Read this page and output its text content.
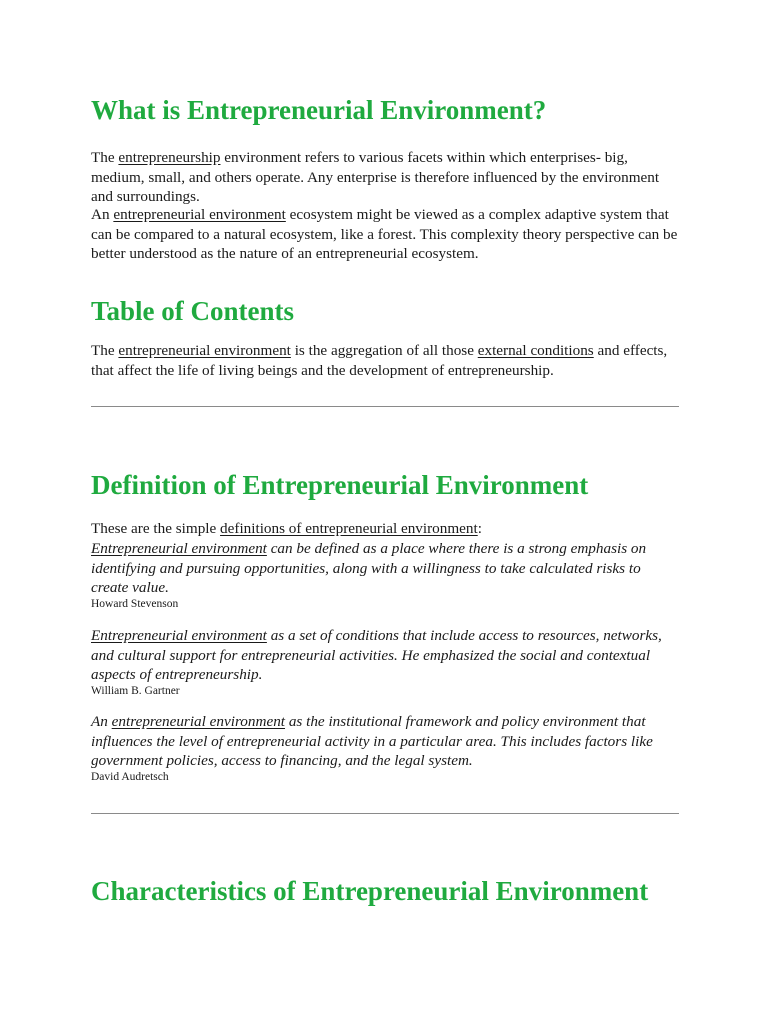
What is Entrepreneurial Environment?

The entrepreneurship environment refers to various facets within which enterprises- big, medium, small, and others operate. Any enterprise is therefore influenced by the environment and surroundings.

An entrepreneurial environment ecosystem might be viewed as a complex adaptive system that can be compared to a natural ecosystem, like a forest. This complexity theory perspective can be better understood as the nature of an entrepreneurial ecosystem.

Table of Contents

The entrepreneurial environment is the aggregation of all those external conditions and effects, that affect the life of living beings and the development of entrepreneurship.

Definition of Entrepreneurial Environment

These are the simple definitions of entrepreneurial environment:

Entrepreneurial environment can be defined as a place where there is a strong emphasis on identifying and pursuing opportunities, along with a willingness to take calculated risks to create value.

Howard Stevenson

Entrepreneurial environment as a set of conditions that include access to resources, networks, and cultural support for entrepreneurial activities. He emphasized the social and contextual aspects of entrepreneurship.

William B. Gartner

An entrepreneurial environment as the institutional framework and policy environment that influences the level of entrepreneurial activity in a particular area. This includes factors like government policies, access to financing, and the legal system.

David Audretsch

Characteristics of Entrepreneurial Environment
